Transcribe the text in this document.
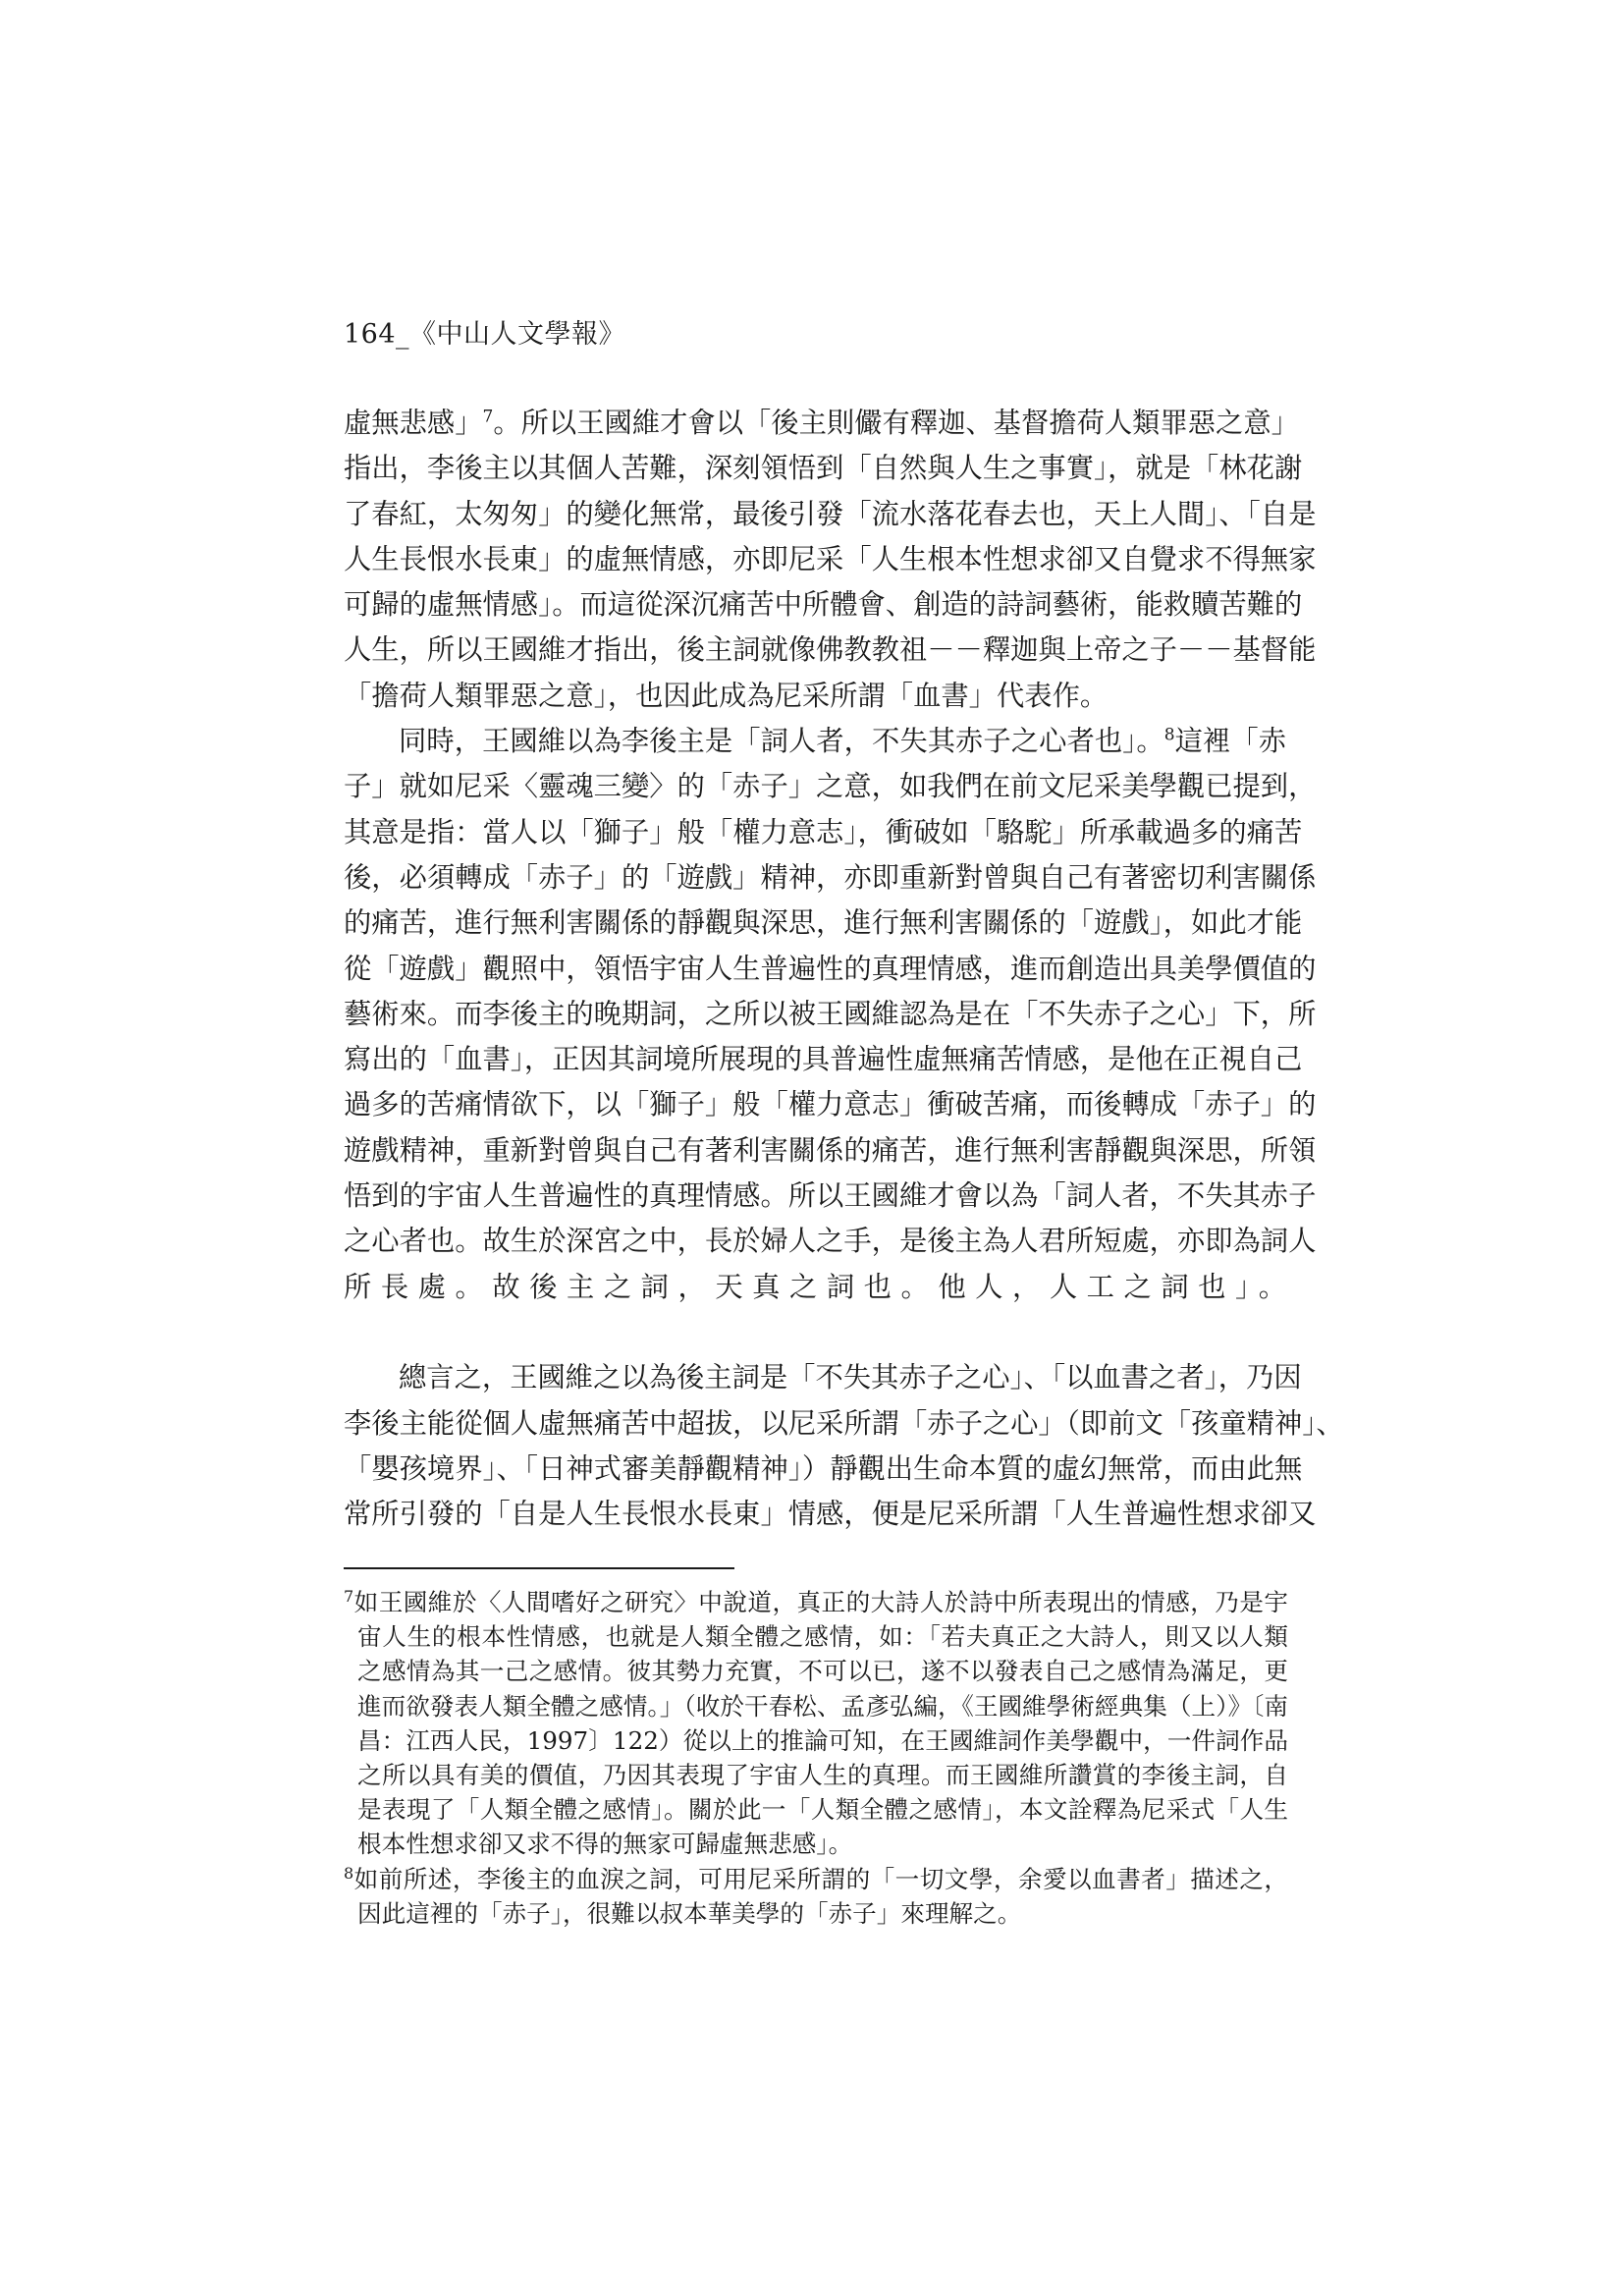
164_《中山人文學報》
虛無悲感」$^7$。所以王國維才會以「後主則儼有釋迦、基督擔荷人類罪惡之意」
指出，李後主以其個人苦難，深刻領悟到「自然與人生之事實」，就是「林花謝
了春紅，太匆匆」的變化無常，最後引發「流水落花春去也，天上人間」、「自是
人生長恨水長東」的虛無情感，亦即尼采「人生根本性想求卻又自覺求不得無家
可歸的虛無情感」。而這從深沉痛苦中所體會、創造的詩詞藝術，能救贖苦難的
人生，所以王國維才指出，後主詞就像佛教教祖－－釋迦與上帝之子－－基督能
「擔荷人類罪惡之意」，也因此成為尼采所謂「血書」代表作。
同時，王國維以為李後主是「詞人者，不失其赤子之心者也」。$^8$這裡「赤
子」就如尼采〈靈魂三變〉的「赤子」之意，如我們在前文尼采美學觀已提到，
其意是指：當人以「獅子」般「權力意志」，衝破如「駱駝」所承載過多的痛苦
後，必須轉成「赤子」的「遊戲」精神，亦即重新對曾與自己有著密切利害關係
的痛苦，進行無利害關係的靜觀與深思，進行無利害關係的「遊戲」，如此才能
從「遊戲」觀照中，領悟宇宙人生普遍性的真理情感，進而創造出具美學價值的
藝術來。而李後主的晚期詞，之所以被王國維認為是在「不失赤子之心」下，所
寫出的「血書」，正因其詞境所展現的具普遍性虛無痛苦情感，是他在正視自己
過多的苦痛情欲下，以「獅子」般「權力意志」衝破苦痛，而後轉成「赤子」的
遊戲精神，重新對曾與自己有著利害關係的痛苦，進行無利害靜觀與深思，所領
悟到的宇宙人生普遍性的真理情感。所以王國維才會以為「詞人者，不失其赤子
之心者也。故生於深宮之中，長於婦人之手，是後主為人君所短處，亦即為詞人
所長處。故後主之詞，天真之詞也。他人，人工之詞也」。
總言之，王國維之以為後主詞是「不失其赤子之心」、「以血書之者」，乃因
李後主能從個人虛無痛苦中超拔，以尼采所謂「赤子之心」（即前文「孩童精神」、
「嬰孩境界」、「日神式審美靜觀精神」）靜觀出生命本質的虛幻無常，而由此無
常所引發的「自是人生長恨水長東」情感，便是尼采所謂「人生普遍性想求卻又
$^7$如王國維於〈人間嗜好之研究〉中說道，真正的大詩人於詩中所表現出的情感，乃是宇
宙人生的根本性情感，也就是人類全體之感情，如：「若夫真正之大詩人，則又以人類
之感情為其一己之感情。彼其勢力充實，不可以已，遂不以發表自己之感情為滿足，更
進而欲發表人類全體之感情。」（收於干春松、孟彥弘編，《王國維學術經典集（上）》〔南
昌：江西人民，1997〕122）從以上的推論可知，在王國維詞作美學觀中，一件詞作品
之所以具有美的價值，乃因其表現了宇宙人生的真理。而王國維所讚賞的李後主詞，自
是表現了「人類全體之感情」。關於此一「人類全體之感情」，本文詮釋為尼采式「人生
根本性想求卻又求不得的無家可歸虛無悲感」。
$^8$如前所述，李後主的血淚之詞，可用尼采所謂的「一切文學，余愛以血書者」描述之，
因此這裡的「赤子」，很難以叔本華美學的「赤子」來理解之。
